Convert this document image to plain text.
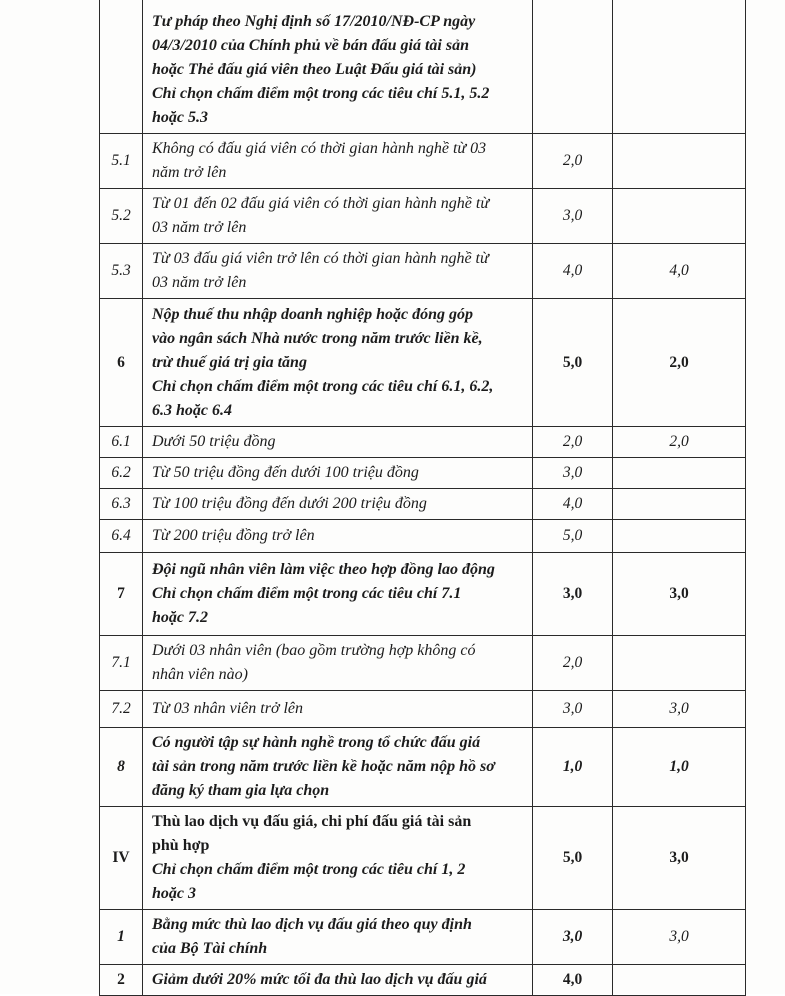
	Tư pháp theo Nghị định số 17/2010/NĐ-CP ngày
04/3/2010 của Chính phủ về bán đấu giá tài sản
hoặc Thẻ đấu giá viên theo Luật Đấu giá tài sản)
Chỉ chọn chấm điểm một trong các tiêu chí 5.1, 5.2
hoặc 5.3		

5.1	Không có đấu giá viên có thời gian hành nghề từ 03
năm trở lên	2,0	
5.2	Từ 01 đến 02 đấu giá viên có thời gian hành nghề từ
03 năm trở lên	3,0	
5.3	Từ 03 đấu giá viên trở lên có thời gian hành nghề từ
03 năm trở lên	4,0	4,0
6	Nộp thuế thu nhập doanh nghiệp hoặc đóng góp
vào ngân sách Nhà nước trong năm trước liền kề,
trừ thuế giá trị gia tăng
Chỉ chọn chấm điểm một trong các tiêu chí 6.1, 6.2,
6.3 hoặc 6.4	5,0	2,0
6.1	Dưới 50 triệu đồng	2,0	2,0
6.2	Từ 50 triệu đồng đến dưới 100 triệu đồng	3,0	
6.3	Từ 100 triệu đồng đến dưới 200 triệu đồng	4,0	
6.4	Từ 200 triệu đồng trở lên	5,0	
7	Đội ngũ nhân viên làm việc theo hợp đồng lao động
Chỉ chọn chấm điểm một trong các tiêu chí 7.1
hoặc 7.2	3,0	3,0
7.1	Dưới 03 nhân viên (bao gồm trường hợp không có
nhân viên nào)	2,0	
7.2	Từ 03 nhân viên trở lên	3,0	3,0
8	Có người tập sự hành nghề trong tổ chức đấu giá
tài sản trong năm trước liền kề hoặc năm nộp hồ sơ
đăng ký tham gia lựa chọn	1,0	1,0
IV	Thù lao dịch vụ đấu giá, chi phí đấu giá tài sản
phù hợp
Chỉ chọn chấm điểm một trong các tiêu chí 1, 2
hoặc 3	5,0	3,0
1	Bằng mức thù lao dịch vụ đấu giá theo quy định
của Bộ Tài chính	3,0	3,0
2	Giảm dưới 20% mức tối đa thù lao dịch vụ đấu giá	4,0	
